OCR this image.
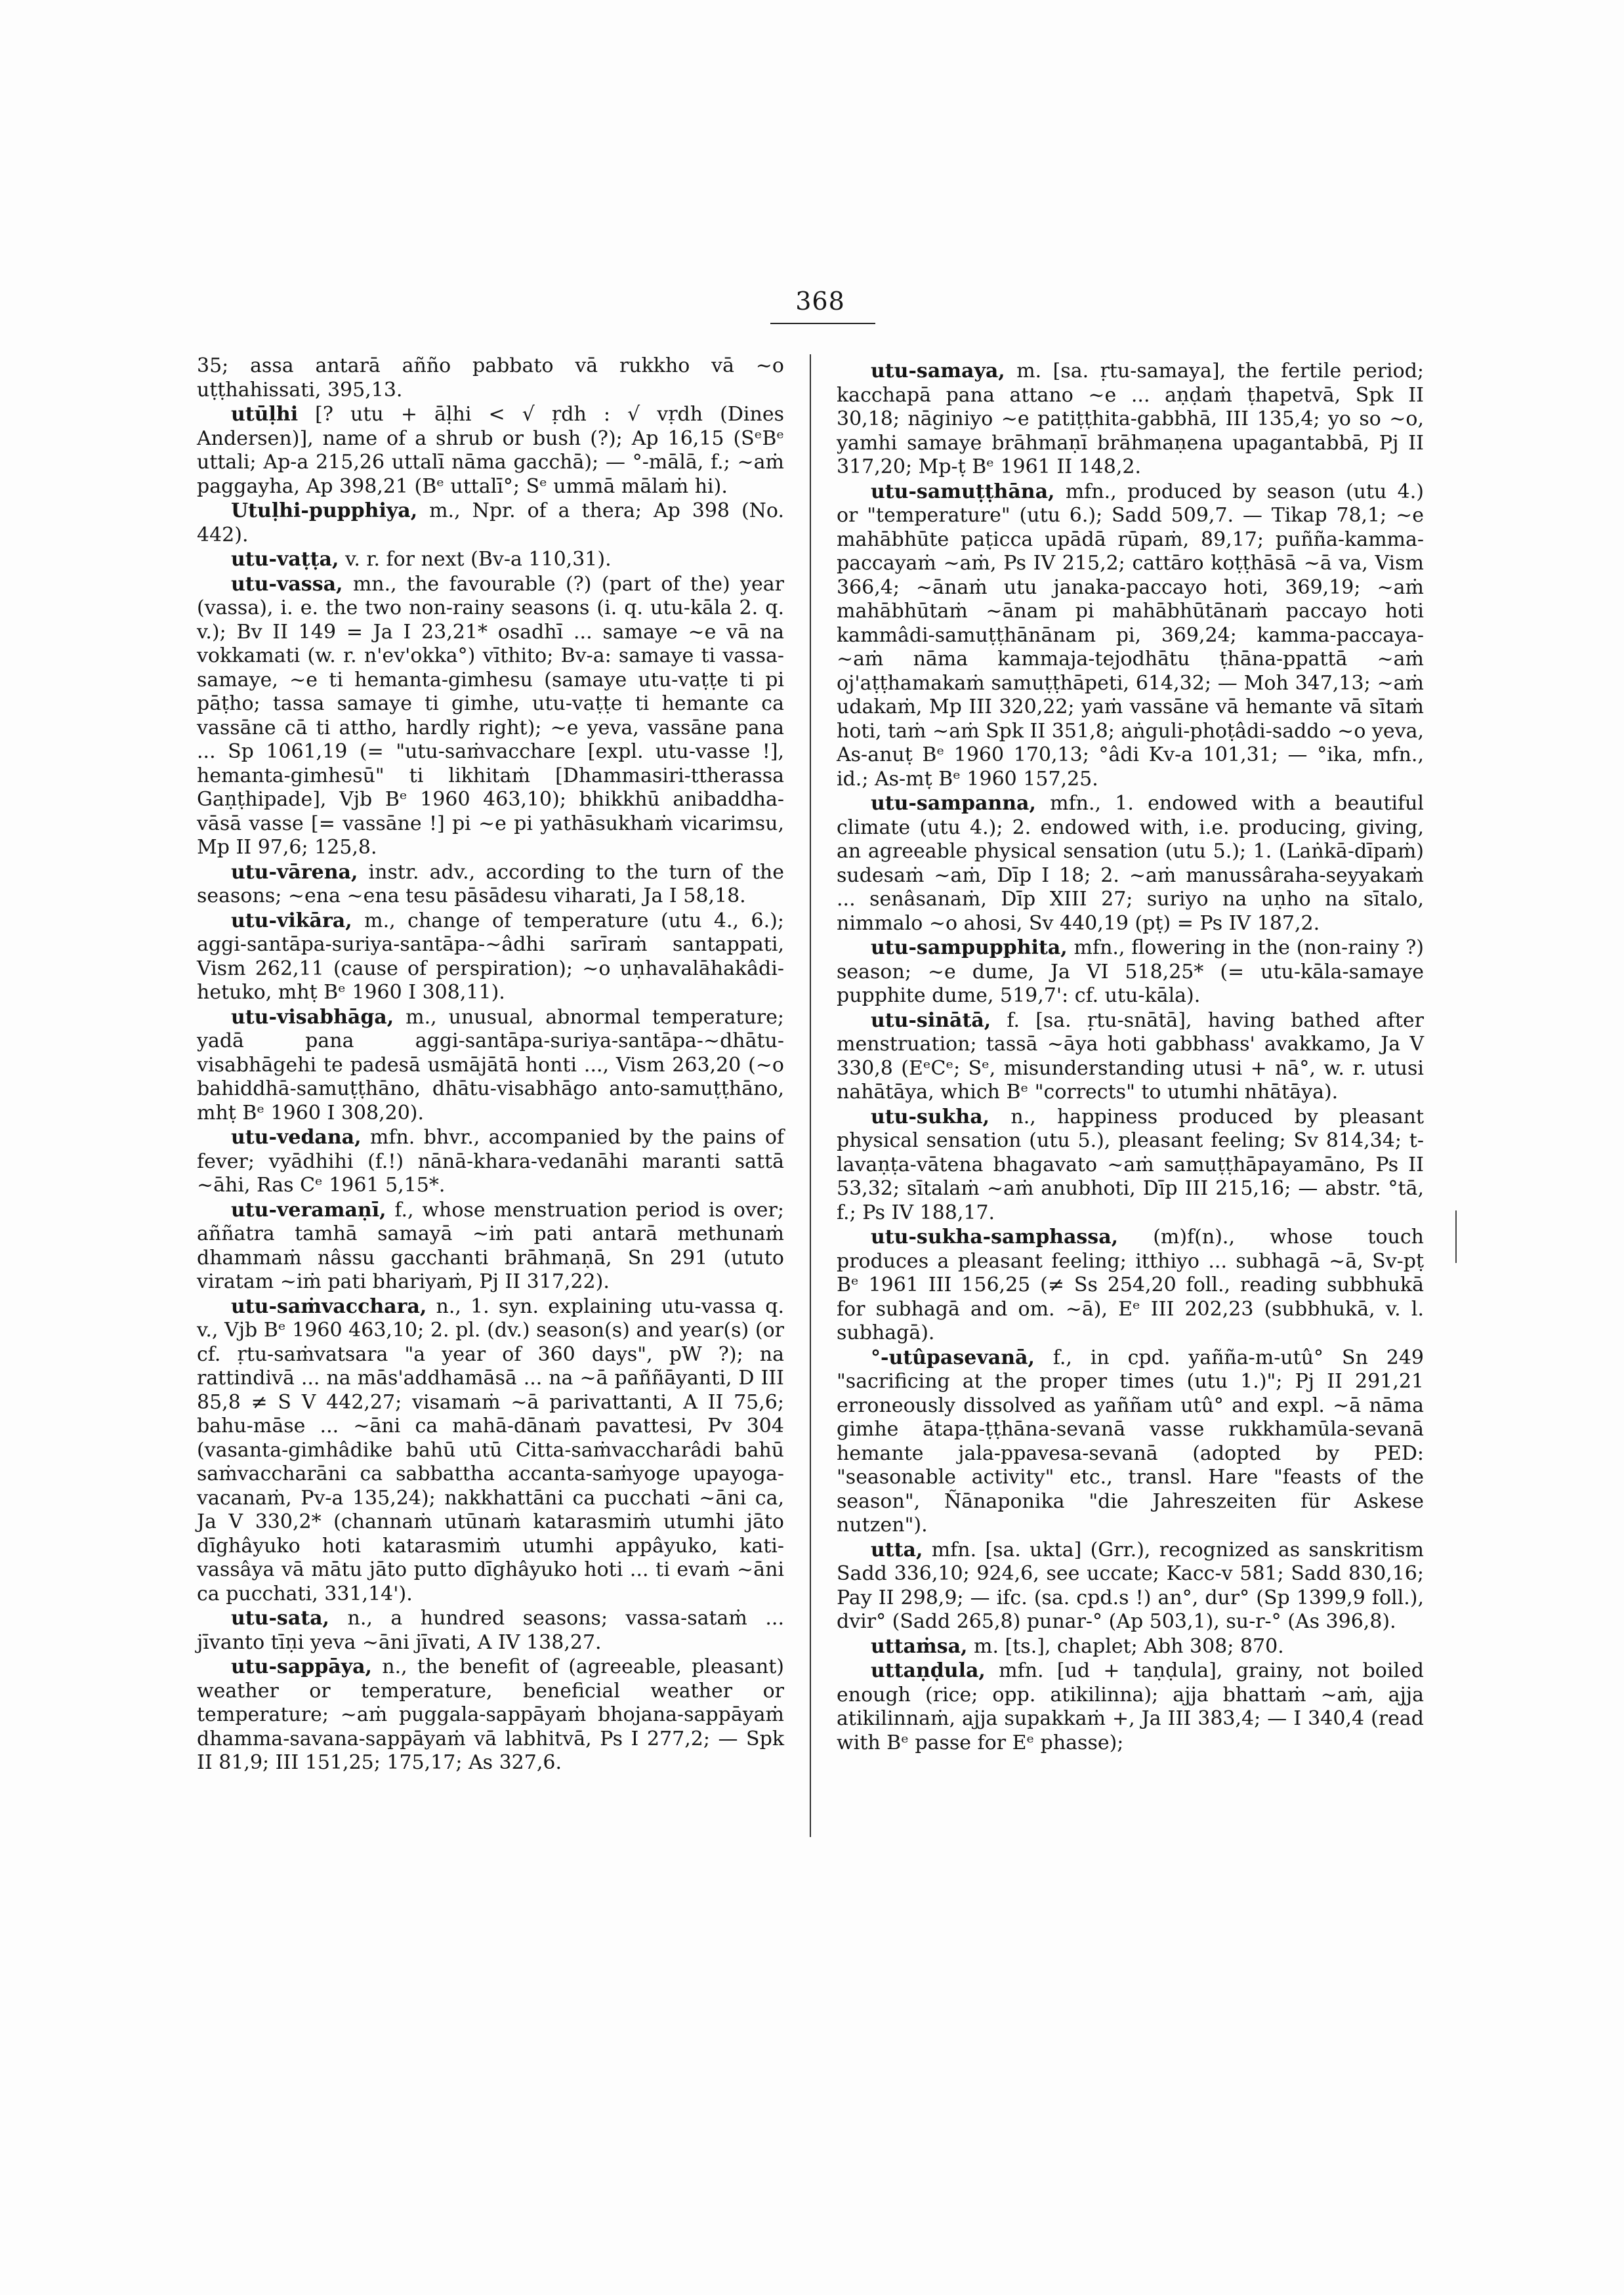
368

35; assa antarā añño pabbato vā rukkho vā ~o uṭṭhahissati, 395,13.

utūḷhi [? utu + āḷhi < √ ṛdh : √ vṛdh (Dines Andersen)], name of a shrub or bush (?); Ap 16,15 (SᵉBᵉ uttali; Ap-a 215,26 uttalī nāma gacchā); — °-mālā, f.; ~aṁ paggayha, Ap 398,21 (Bᵉ uttalī°; Sᵉ ummā mālaṁ hi).

Utuḷhi-pupphiya, m., Npr. of a thera; Ap 398 (No. 442).

utu-vaṭṭa, v. r. for next (Bv-a 110,31).

utu-vassa, mn., the favourable (?) (part of the) year (vassa), i. e. the two non-rainy seasons (i. q. utu-kāla 2. q. v.); Bv II 149 = Ja I 23,21* osadhī ... samaye ~e vā na vokkamati (w. r. n'ev'okka°) vīthito; Bv-a: samaye ti vassa-samaye, ~e ti hemanta-gimhesu (samaye utu-vaṭṭe ti pi pāṭho; tassa samaye ti gimhe, utu-vaṭṭe ti hemante ca vassāne cā ti attho, hardly right); ~e yeva, vassāne pana ... Sp 1061,19 (= "utu-saṁvacchare [expl. utu-vasse !], hemanta-gimhesū" ti likhitaṁ [Dhammasiri-ttherassa Gaṇṭhipade], Vjb Bᵉ 1960 463,10); bhikkhū anibaddha-vāsā vasse [= vassāne !] pi ~e pi yathāsukhaṁ vicarimsu, Mp II 97,6; 125,8.

utu-vārena, instr. adv., according to the turn of the seasons; ~ena ~ena tesu pāsādesu viharati, Ja I 58,18.

utu-vikāra, m., change of temperature (utu 4., 6.); aggi-santāpa-suriya-santāpa-~âdhi sarīraṁ santappati, Vism 262,11 (cause of perspiration); ~o uṇhavalāhakâdi-hetuko, mhṭ Bᵉ 1960 I 308,11).

utu-visabhāga, m., unusual, abnormal temperature; yadā pana aggi-santāpa-suriya-santāpa-~dhātu-visabhāgehi te padesā usmājātā honti ..., Vism 263,20 (~o bahiddhā-samuṭṭhāno, dhātu-visabhāgo anto-samuṭṭhāno, mhṭ Bᵉ 1960 I 308,20).

utu-vedana, mfn. bhvr., accompanied by the pains of fever; vyādhihi (f.!) nānā-khara-vedanāhi maranti sattā ~āhi, Ras Cᵉ 1961 5,15*.

utu-veramaṇī, f., whose menstruation period is over; aññatra tamhā samayā ~iṁ pati antarā methunaṁ dhammaṁ nâssu gacchanti brāhmaṇā, Sn 291 (ututo viratam ~iṁ pati bhariyaṁ, Pj II 317,22).

utu-saṁvacchara, n., 1. syn. explaining utu-vassa q. v., Vjb Bᵉ 1960 463,10; 2. pl. (dv.) season(s) and year(s) (or cf. ṛtu-saṁvatsara "a year of 360 days", pW ?); na rattindivā ... na mās'addhamāsā ... na ~ā paññāyanti, D III 85,8 ≠ S V 442,27; visamaṁ ~ā parivattanti, A II 75,6; bahu-māse ... ~āni ca mahā-dānaṁ pavattesi, Pv 304 (vasanta-gimhâdike bahū utū Citta-saṁvaccharâdi bahū saṁvaccharāni ca sabbattha accanta-saṁyoge upayoga-vacanaṁ, Pv-a 135,24); nakkhattāni ca pucchati ~āni ca, Ja V 330,2* (channaṁ utūnaṁ katarasmiṁ utumhi jāto dīghâyuko hoti katarasmiṁ utumhi appâyuko, kati-vassâya vā mātu jāto putto dīghâyuko hoti ... ti evaṁ ~āni ca pucchati, 331,14').

utu-sata, n., a hundred seasons; vassa-sataṁ ... jīvanto tīṇi yeva ~āni jīvati, A IV 138,27.

utu-sappāya, n., the benefit of (agreeable, pleasant) weather or temperature, beneficial weather or temperature; ~aṁ puggala-sappāyaṁ bhojana-sappāyaṁ dhamma-savana-sappāyaṁ vā labhitvā, Ps I 277,2; — Spk II 81,9; III 151,25; 175,17; As 327,6.

utu-samaya, m. [sa. ṛtu-samaya], the fertile period; kacchapā pana attano ~e ... aṇḍaṁ ṭhapetvā, Spk II 30,18; nāginiyo ~e patiṭṭhita-gabbhā, III 135,4; yo so ~o, yamhi samaye brāhmaṇī brāhmaṇena upagantabbā, Pj II 317,20; Mp-ṭ Bᵉ 1961 II 148,2.

utu-samuṭṭhāna, mfn., produced by season (utu 4.) or "temperature" (utu 6.); Sadd 509,7. — Tikap 78,1; ~e mahābhūte paṭicca upādā rūpaṁ, 89,17; puñña-kamma-paccayaṁ ~aṁ, Ps IV 215,2; cattāro koṭṭhāsā ~ā va, Vism 366,4; ~ānaṁ utu janaka-paccayo hoti, 369,19; ~aṁ mahābhūtaṁ ~ānam pi mahābhūtānaṁ paccayo hoti kammâdi-samuṭṭhānānam pi, 369,24; kamma-paccaya-~aṁ nāma kammaja-tejodhātu ṭhāna-ppattā ~aṁ oj'aṭṭhamakaṁ samuṭṭhāpeti, 614,32; — Moh 347,13; ~aṁ udakaṁ, Mp III 320,22; yaṁ vassāne vā hemante vā sītaṁ hoti, taṁ ~aṁ Spk II 351,8; aṅguli-phoṭâdi-saddo ~o yeva, As-anuṭ Bᵉ 1960 170,13; °âdi Kv-a 101,31; — °ika, mfn., id.; As-mṭ Bᵉ 1960 157,25.

utu-sampanna, mfn., 1. endowed with a beautiful climate (utu 4.); 2. endowed with, i.e. producing, giving, an agreeable physical sensation (utu 5.); 1. (Laṅkā-dīpaṁ) sudesaṁ ~aṁ, Dīp I 18; 2. ~aṁ manussâraha-seyyakaṁ ... senâsanaṁ, Dīp XIII 27; suriyo na uṇho na sītalo, nimmalo ~o ahosi, Sv 440,19 (pṭ) = Ps IV 187,2.

utu-sampupphita, mfn., flowering in the (non-rainy ?) season; ~e dume, Ja VI 518,25* (= utu-kāla-samaye pupphite dume, 519,7': cf. utu-kāla).

utu-sinātā, f. [sa. ṛtu-snātā], having bathed after menstruation; tassā ~āya hoti gabbhass' avakkamo, Ja V 330,8 (EᵉCᵉ; Sᵉ, misunderstanding utusi + nā°, w. r. utusi nahātāya, which Bᵉ "corrects" to utumhi nhātāya).

utu-sukha, n., happiness produced by pleasant physical sensation (utu 5.), pleasant feeling; Sv 814,34; t-lavaṇṭa-vātena bhagavato ~aṁ samuṭṭhāpayamāno, Ps II 53,32; sītalaṁ ~aṁ anubhoti, Dīp III 215,16; — abstr. °tā, f.; Ps IV 188,17.

utu-sukha-samphassa, (m)f(n)., whose touch produces a pleasant feeling; itthiyo ... subhagā ~ā, Sv-pṭ Bᵉ 1961 III 156,25 (≠ Ss 254,20 foll., reading subbhukā for subhagā and om. ~ā), Eᵉ III 202,23 (subbhukā, v. l. subhagā).

°-utûpasevanā, f., in cpd. yañña-m-utû° Sn 249 "sacrificing at the proper times (utu 1.)"; Pj II 291,21 erroneously dissolved as yaññam utû° and expl. ~ā nāma gimhe ātapa-ṭṭhāna-sevanā vasse rukkhamūla-sevanā hemante jala-ppavesa-sevanā (adopted by PED: "seasonable activity" etc., transl. Hare "feasts of the season", Ñānaponika "die Jahreszeiten für Askese nutzen").

utta, mfn. [sa. ukta] (Grr.), recognized as sanskritism Sadd 336,10; 924,6, see uccate; Kacc-v 581; Sadd 830,16; Pay II 298,9; — ifc. (sa. cpd.s !) an°, dur° (Sp 1399,9 foll.), dvir° (Sadd 265,8) punar-° (Ap 503,1), su-r-° (As 396,8).

uttaṁsa, m. [ts.], chaplet; Abh 308; 870.

uttaṇḍula, mfn. [ud + taṇḍula], grainy, not boiled enough (rice; opp. atikilinna); ajja bhattaṁ ~aṁ, ajja atikilinnaṁ, ajja supakkaṁ +, Ja III 383,4; — I 340,4 (read with Bᵉ passe for Eᵉ phasse);
